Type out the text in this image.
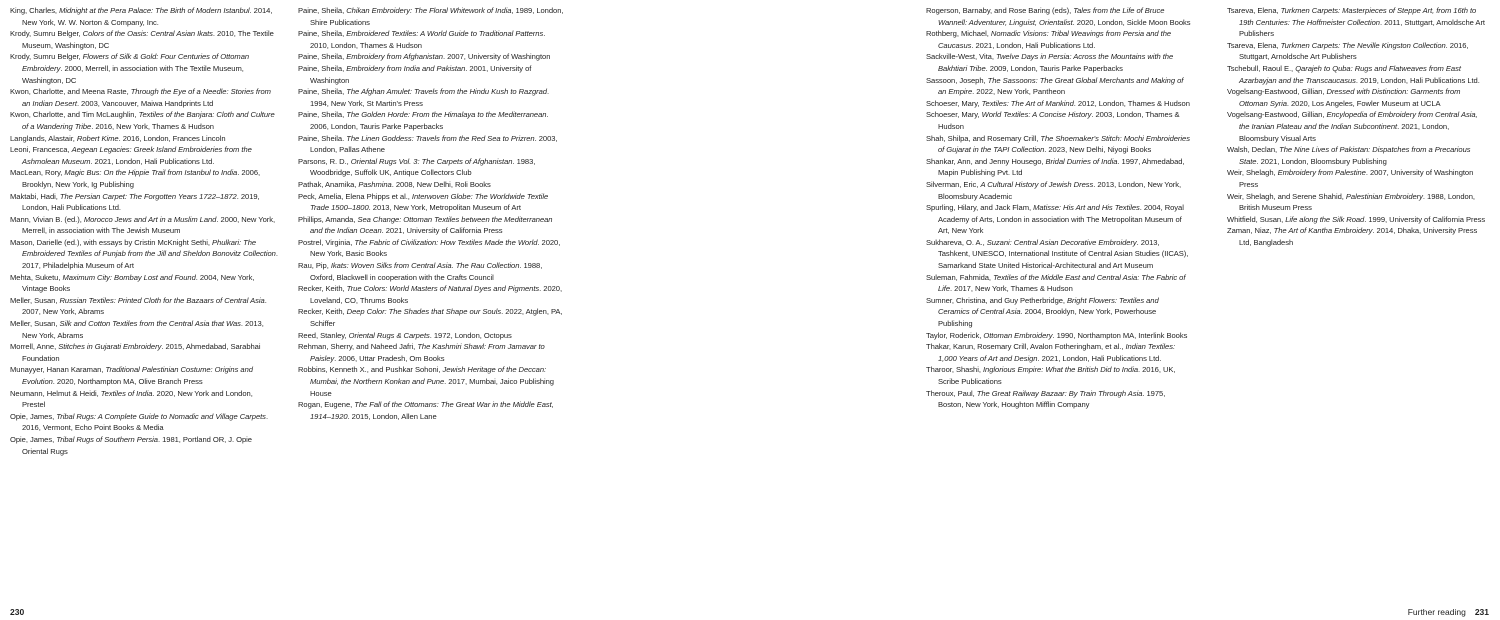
King, Charles, Midnight at the Pera Palace: The Birth of Modern Istanbul. 2014, New York, W. W. Norton & Company, Inc.

Krody, Sumru Belger, Colors of the Oasis: Central Asian Ikats. 2010, The Textile Museum, Washington, DC

Krody, Sumru Belger, Flowers of Silk & Gold: Four Centuries of Ottoman Embroidery. 2000, Merrell, in association with The Textile Museum, Washington, DC

Kwon, Charlotte, and Meena Raste, Through the Eye of a Needle: Stories from an Indian Desert. 2003, Vancouver, Maiwa Handprints Ltd

Kwon, Charlotte, and Tim McLaughlin, Textiles of the Banjara: Cloth and Culture of a Wandering Tribe. 2016, New York, Thames & Hudson

Langlands, Alastair, Robert Kime. 2016, London, Frances Lincoln

Leoni, Francesca, Aegean Legacies: Greek Island Embroideries from the Ashmolean Museum. 2021, London, Hali Publications Ltd.

MacLean, Rory, Magic Bus: On the Hippie Trail from Istanbul to India. 2006, Brooklyn, New York, Ig Publishing

Maktabi, Hadi, The Persian Carpet: The Forgotten Years 1722–1872. 2019, London, Hali Publications Ltd.

Mann, Vivian B. (ed.), Morocco Jews and Art in a Muslim Land. 2000, New York, Merrell, in association with The Jewish Museum

Mason, Darielle (ed.), with essays by Cristin McKnight Sethi, Phulkari: The Embroidered Textiles of Punjab from the Jill and Sheldon Bonovitz Collection. 2017, Philadelphia Museum of Art

Mehta, Suketu, Maximum City: Bombay Lost and Found. 2004, New York, Vintage Books

Meller, Susan, Russian Textiles: Printed Cloth for the Bazaars of Central Asia. 2007, New York, Abrams

Meller, Susan, Silk and Cotton Textiles from the Central Asia that Was. 2013, New York, Abrams

Morrell, Anne, Stitches in Gujarati Embroidery. 2015, Ahmedabad, Sarabhai Foundation

Munayyer, Hanan Karaman, Traditional Palestinian Costume: Origins and Evolution. 2020, Northampton MA, Olive Branch Press

Neumann, Helmut & Heidi, Textiles of India. 2020, New York and London, Prestel

Opie, James, Tribal Rugs: A Complete Guide to Nomadic and Village Carpets. 2016, Vermont, Echo Point Books & Media

Opie, James, Tribal Rugs of Southern Persia. 1981, Portland OR, J. Opie Oriental Rugs

Paine, Sheila, Chikan Embroidery: The Floral Whitework of India, 1989, London, Shire Publications

Paine, Sheila, Embroidered Textiles: A World Guide to Traditional Patterns. 2010, London, Thames & Hudson

Paine, Sheila, Embroidery from Afghanistan. 2007, University of Washington

Paine, Sheila, Embroidery from India and Pakistan. 2001, University of Washington

Paine, Sheila, The Afghan Amulet: Travels from the Hindu Kush to Razgrad. 1994, New York, St Martin's Press

Paine, Sheila, The Golden Horde: From the Himalaya to the Mediterranean. 2006, London, Tauris Parke Paperbacks

Paine, Sheila. The Linen Goddess: Travels from the Red Sea to Prizren. 2003, London, Pallas Athene

Parsons, R. D., Oriental Rugs Vol. 3: The Carpets of Afghanistan. 1983, Woodbridge, Suffolk UK, Antique Collectors Club

Pathak, Anamika, Pashmina. 2008, New Delhi, Roli Books

Peck, Amelia, Elena Phipps et al., Interwoven Globe: The Worldwide Textile Trade 1500–1800. 2013, New York, Metropolitan Museum of Art

Phillips, Amanda, Sea Change: Ottoman Textiles between the Mediterranean and the Indian Ocean. 2021, University of California Press

Postrel, Virginia, The Fabric of Civilization: How Textiles Made the World. 2020, New York, Basic Books

Rau, Pip, Ikats: Woven Silks from Central Asia. The Rau Collection. 1988, Oxford, Blackwell in cooperation with the Crafts Council

Recker, Keith, True Colors: World Masters of Natural Dyes and Pigments. 2020, Loveland, CO, Thrums Books

Recker, Keith, Deep Color: The Shades that Shape our Souls. 2022, Atglen, PA, Schiffer

Reed, Stanley, Oriental Rugs & Carpets. 1972, London, Octopus

Rehman, Sherry, and Naheed Jafri, The Kashmiri Shawl: From Jamavar to Paisley. 2006, Uttar Pradesh, Om Books

Robbins, Kenneth X., and Pushkar Sohoni, Jewish Heritage of the Deccan: Mumbai, the Northern Konkan and Pune. 2017, Mumbai, Jaico Publishing House

Rogan, Eugene, The Fall of the Ottomans: The Great War in the Middle East, 1914–1920. 2015, London, Allen Lane

Rogerson, Barnaby, and Rose Baring (eds), Tales from the Life of Bruce Wannell: Adventurer, Linguist, Orientalist. 2020, London, Sickle Moon Books

Rothberg, Michael, Nomadic Visions: Tribal Weavings from Persia and the Caucasus. 2021, London, Hali Publications Ltd.

Sackville-West, Vita, Twelve Days in Persia: Across the Mountains with the Bakhtiari Tribe. 2009, London, Tauris Parke Paperbacks

Sassoon, Joseph, The Sassoons: The Great Global Merchants and Making of an Empire. 2022, New York, Pantheon

Schoeser, Mary, Textiles: The Art of Mankind. 2012, London, Thames & Hudson

Schoeser, Mary, World Textiles: A Concise History. 2003, London, Thames & Hudson

Shah, Shilpa, and Rosemary Crill, The Shoemaker's Stitch: Mochi Embroideries of Gujarat in the TAPI Collection. 2023, New Delhi, Niyogi Books

Shankar, Ann, and Jenny Housego, Bridal Durries of India. 1997, Ahmedabad, Mapin Publishing Pvt. Ltd

Silverman, Eric, A Cultural History of Jewish Dress. 2013, London, New York, Bloomsbury Academic

Spurling, Hilary, and Jack Flam, Matisse: His Art and His Textiles. 2004, Royal Academy of Arts, London in association with The Metropolitan Museum of Art, New York

Sukhareva, O. A., Suzani: Central Asian Decorative Embroidery. 2013, Tashkent, UNESCO, International Institute of Central Asian Studies (IICAS), Samarkand State United Historical-Architectural and Art Museum

Suleman, Fahmida, Textiles of the Middle East and Central Asia: The Fabric of Life. 2017, New York, Thames & Hudson

Sumner, Christina, and Guy Petherbridge, Bright Flowers: Textiles and Ceramics of Central Asia. 2004, Brooklyn, New York, Powerhouse Publishing

Taylor, Roderick, Ottoman Embroidery. 1990, Northampton MA, Interlink Books

Thakar, Karun, Rosemary Crill, Avalon Fotheringham, et al., Indian Textiles: 1,000 Years of Art and Design. 2021, London, Hali Publications Ltd.

Tharoor, Shashi, Inglorious Empire: What the British Did to India. 2016, UK, Scribe Publications

Theroux, Paul, The Great Railway Bazaar: By Train Through Asia. 1975, Boston, New York, Houghton Mifflin Company

Tsareva, Elena, Turkmen Carpets: Masterpieces of Steppe Art, from 16th to 19th Centuries: The Hoffmeister Collection. 2011, Stuttgart, Arnoldsche Art Publishers

Tsareva, Elena, Turkmen Carpets: The Neville Kingston Collection. 2016, Stuttgart, Arnoldsche Art Publishers

Tschebull, Raoul E., Qarajeh to Quba: Rugs and Flatweaves from East Azarbayjan and the Transcaucasus. 2019, London, Hali Publications Ltd.

Vogelsang-Eastwood, Gillian, Dressed with Distinction: Garments from Ottoman Syria. 2020, Los Angeles, Fowler Museum at UCLA

Vogelsang-Eastwood, Gillian, Encylopedia of Embroidery from Central Asia, the Iranian Plateau and the Indian Subcontinent. 2021, London, Bloomsbury Visual Arts

Walsh, Declan, The Nine Lives of Pakistan: Dispatches from a Precarious State. 2021, London, Bloomsbury Publishing

Weir, Shelagh, Embroidery from Palestine. 2007, University of Washington Press

Weir, Shelagh, and Serene Shahid, Palestinian Embroidery. 1988, London, British Museum Press

Whitfield, Susan, Life along the Silk Road. 1999, University of California Press

Zaman, Niaz, The Art of Kantha Embroidery. 2014, Dhaka, University Press Ltd, Bangladesh

230	Further reading 231
